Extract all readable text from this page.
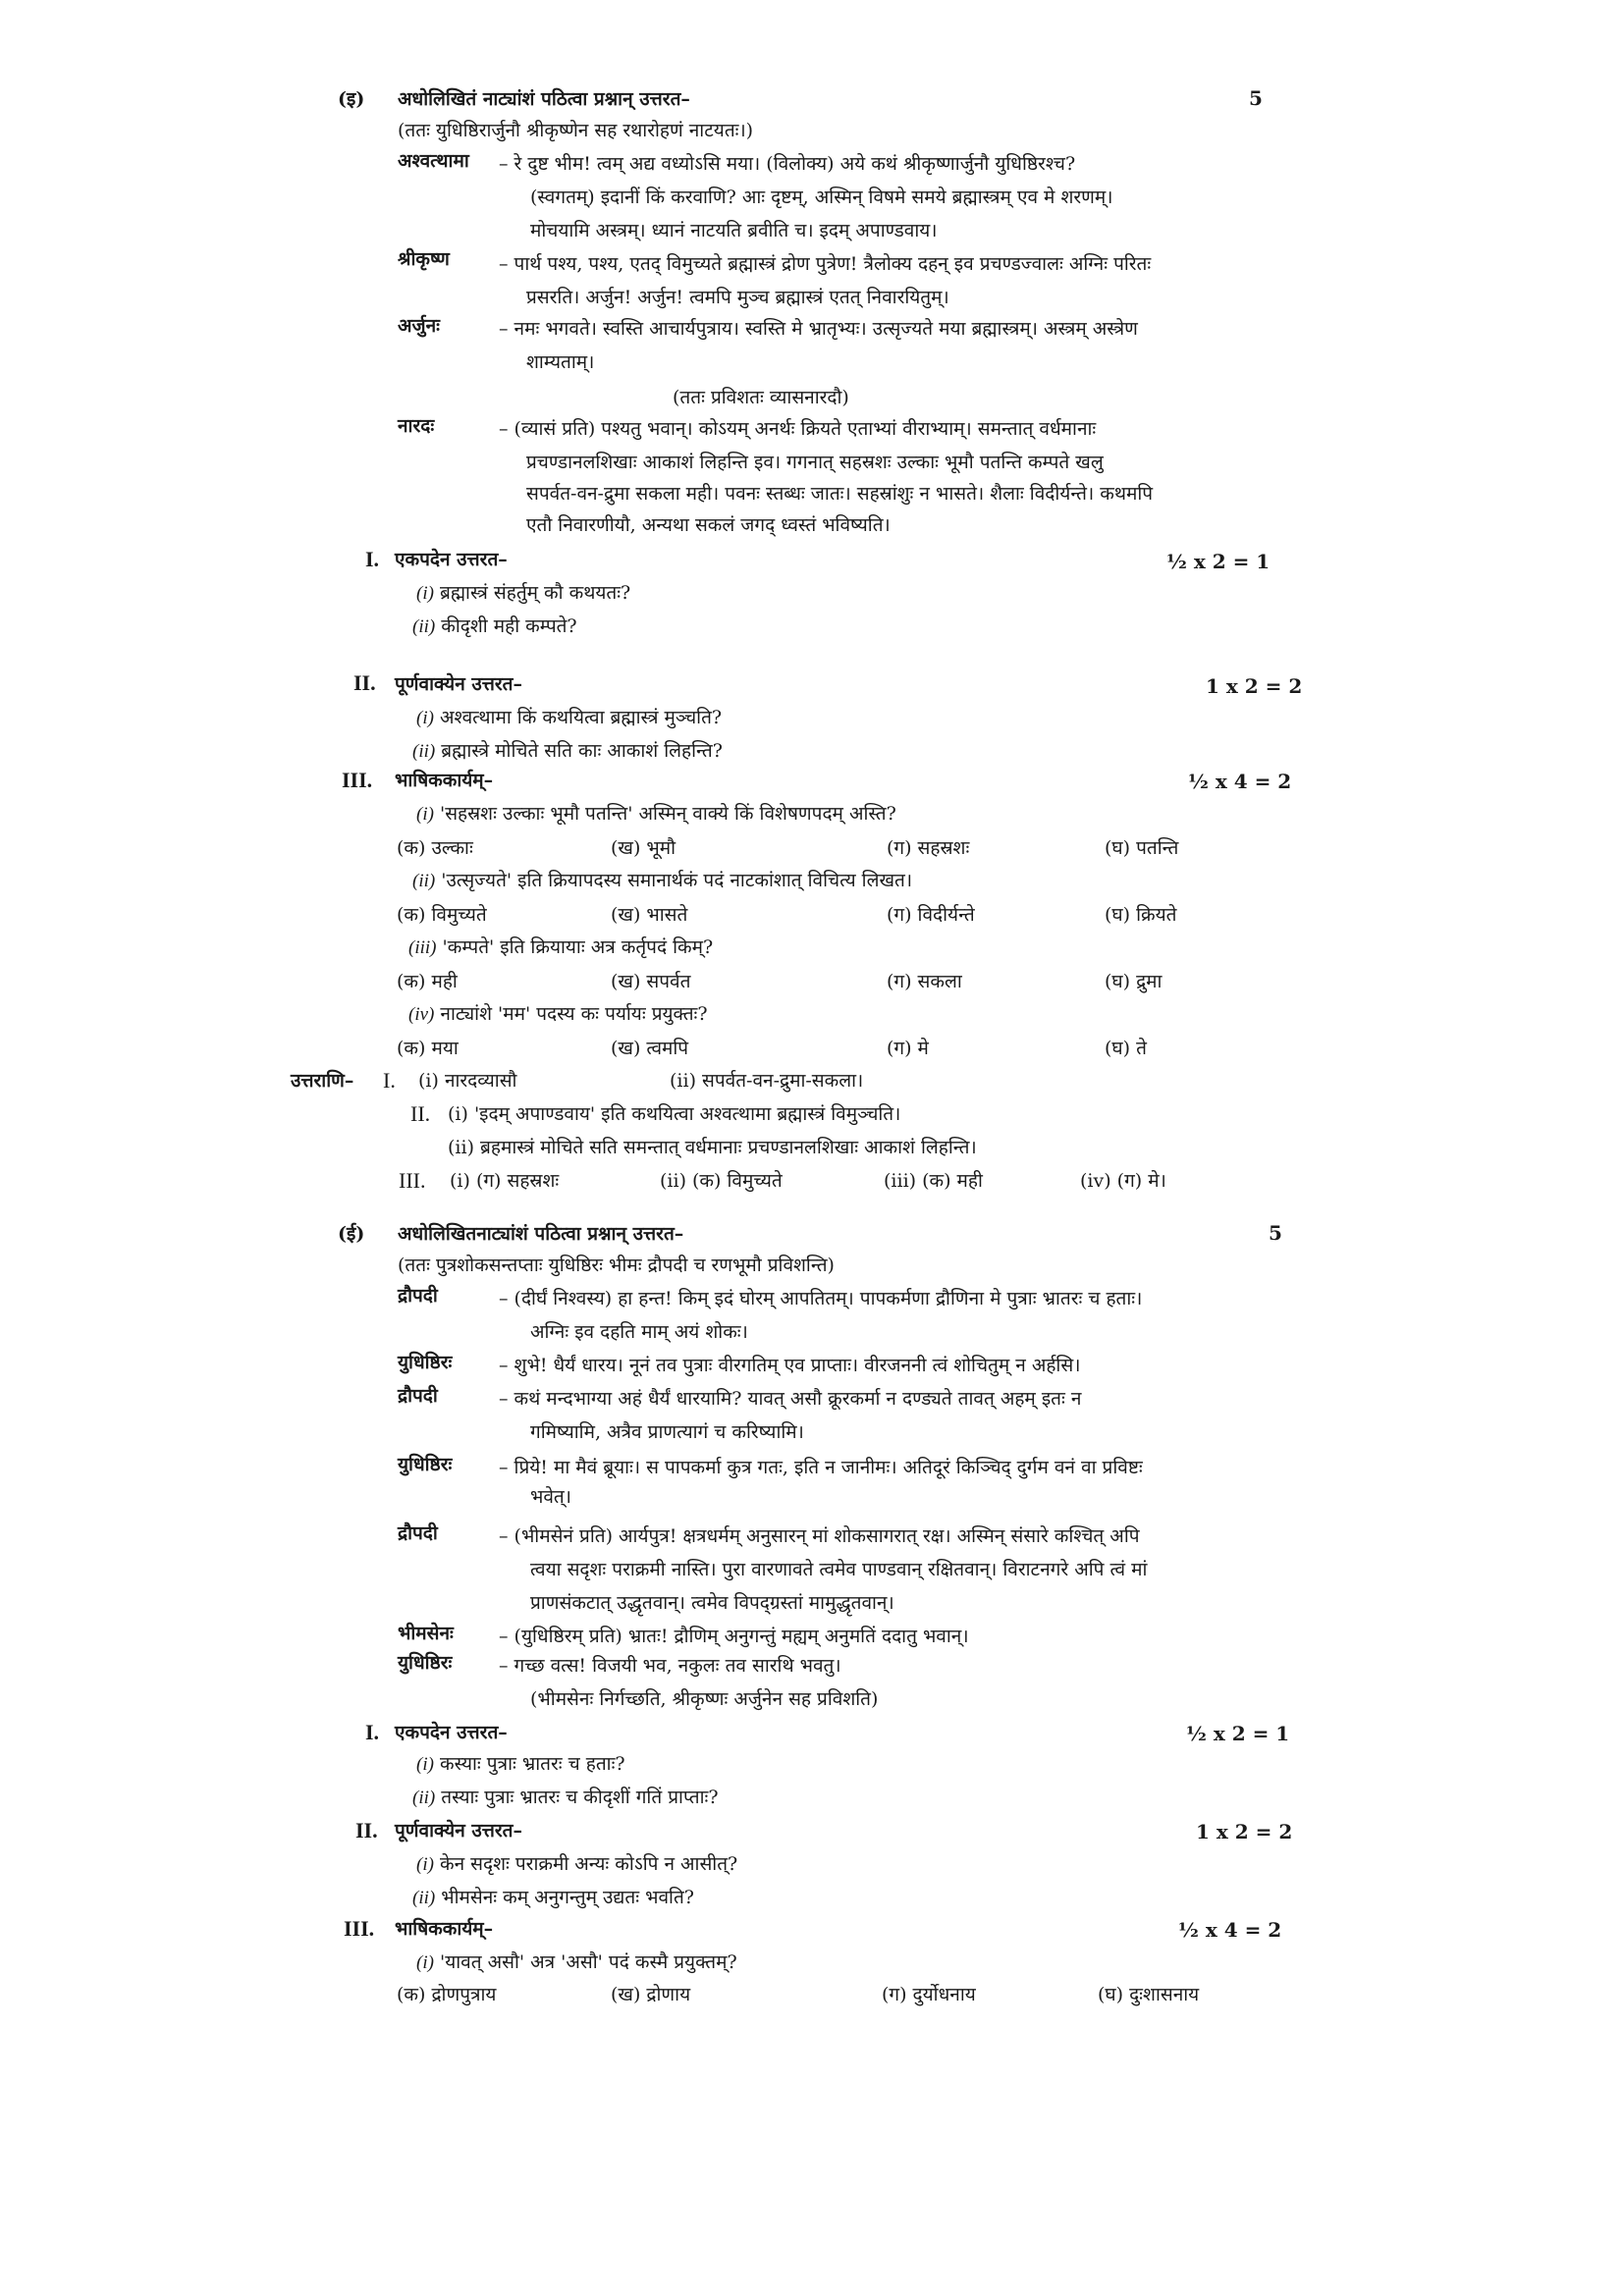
(इ) अधोलिखितं नाट्यांशं पठित्वा प्रश्नान् उत्तरत–	5
(ततः युधिष्ठिरार्जुनौ श्रीकृष्णेन सह रथारोहणं नाटयतः।)
अश्वत्थामा – रे दुष्ट भीम! त्वम् अद्य वध्योऽसि मया। (विलोक्य) अये कथं श्रीकृष्णार्जुनौ युधिष्ठिरश्च?
(स्वगतम्) इदानीं किं करवाणि? आः दृष्टम्, अस्मिन् विषमे समये ब्रह्मास्त्रम् एव मे शरणम्।
मोचयामि अस्त्रम्। ध्यानं नाटयति ब्रवीति च। इदम् अपाण्डवाय।
श्रीकृष्ण	– पार्थ पश्य, पश्य, एतद् विमुच्यते ब्रह्मास्त्रं द्रोण पुत्रेण! त्रैलोक्य दहन् इव प्रचण्डज्वालः अग्निः परितः
प्रसरति। अर्जुन! अर्जुन! त्वमपि मुञ्च ब्रह्मास्त्रं एतत् निवारयितुम्।
अर्जुनः	– नमः भगवते। स्वस्ति आचार्यपुत्राय। स्वस्ति मे भ्रातृभ्यः। उत्सृज्यते मया ब्रह्मास्त्रम्। अस्त्रम् अस्त्रेण
शाम्यताम्।
(ततः प्रविशतः व्यासनारदौ)
नारदः	– (व्यासं प्रति) पश्यतु भवान्। कोऽयम् अनर्थः क्रियते एताभ्यां वीराभ्याम्। समन्तात् वर्धमानाः
प्रचण्डानलशिखाः आकाशं लिहन्ति इव। गगनात् सहस्रशः उल्काः भूमौ पतन्ति कम्पते खलु
सपर्वत-वन-द्रुमा सकला मही। पवनः स्तब्धः जातः। सहस्रांशुः न भासते। शैलाः विदीर्यन्ते। कथमपि
एतौ निवारणीयौ, अन्यथा सकलं जगद् ध्वस्तं भविष्यति।
I. एकपदेन उत्तरत–	½ x 2 = 1
(i) ब्रह्मास्त्रं संहर्तुम् कौ कथयतः?
(ii) कीदृशी मही कम्पते?
II. पूर्णवाक्येन उत्तरत–	1 x 2 = 2
(i) अश्वत्थामा किं कथयित्वा ब्रह्मास्त्रं मुञ्चति?
(ii) ब्रह्मास्त्रे मोचिते सति काः आकाशं लिहन्ति?
III. भाषिककार्यम्–	½ x 4 = 2
(i) 'सहस्रशः उल्काः भूमौ पतन्ति' अस्मिन् वाक्ये किं विशेषणपदम् अस्ति?
(क) उल्काः	(ख) भूमौ	(ग) सहस्रशः	(घ) पतन्ति
(ii) 'उत्सृज्यते' इति क्रियापदस्य समानार्थकं पदं नाटकांशात् विचित्य लिखत।
(क) विमुच्यते	(ख) भासते	(ग) विदीर्यन्ते	(घ) क्रियते
(iii) 'कम्पते' इति क्रियायाः अत्र कर्तृपदं किम्?
(क) मही	(ख) सपर्वत	(ग) सकला	(घ) द्रुमा
(iv) नाट्यांशे 'मम' पदस्य कः पर्यायः प्रयुक्तः?
(क) मया	(ख) त्वमपि	(ग) मे	(घ) ते
उत्तराणि– I. (i) नारदव्यासौ	(ii) सपर्वत-वन-द्रुमा-सकला।
II. (i) 'इदम् अपाण्डवाय' इति कथयित्वा अश्वत्थामा ब्रह्मास्त्रं विमुञ्चति।
(ii) ब्रहमास्त्रं मोचिते सति समन्तात् वर्धमानाः प्रचण्डानलशिखाः आकाशं लिहन्ति।
III. (i) (ग) सहस्रशः	(ii) (क) विमुच्यते	(iii) (क) मही	(iv) (ग) मे।
(ई) अधोलिखितनाट्यांशं पठित्वा प्रश्नान् उत्तरत–	5
(ततः पुत्रशोकसन्तप्ताः युधिष्ठिरः भीमः द्रौपदी च रणभूमौ प्रविशन्ति)
द्रौपदी	– (दीर्घं निश्वस्य) हा हन्त! किम् इदं घोरम् आपतितम्। पापकर्मणा द्रौणिना मे पुत्राः भ्रातरः च हताः।
अग्निः इव दहति माम् अयं शोकः।
युधिष्ठिरः	– शुभे! धैर्यं धारय। नूनं तव पुत्राः वीरगतिम् एव प्राप्ताः। वीरजननी त्वं शोचितुम् न अर्हसि।
द्रौपदी	– कथं मन्दभाग्या अहं धैर्यं धारयामि? यावत् असौ क्रूरकर्मा न दण्ड्यते तावत् अहम् इतः न
गमिष्यामि, अत्रैव प्राणत्यागं च करिष्यामि।
युधिष्ठिरः	– प्रिये! मा मैवं ब्रूयाः। स पापकर्मा कुत्र गतः, इति न जानीमः। अतिदूरं किञ्चिद् दुर्गम वनं वा प्रविष्टः
भवेत्।
द्रौपदी	– (भीमसेनं प्रति) आर्यपुत्र! क्षत्रधर्मम् अनुसारन् मां शोकसागरात् रक्ष। अस्मिन् संसारे कश्चित् अपि
त्वया सदृशः पराक्रमी नास्ति। पुरा वारणावते त्वमेव पाण्डवान् रक्षितवान्। विराटनगरे अपि त्वं मां
प्राणसंकटात् उद्धृतवान्। त्वमेव विपद्ग्रस्तां मामुद्धृतवान्।
भीमसेनः – (युधिष्ठिरम् प्रति) भ्रातः! द्रौणिम् अनुगन्तुं मह्यम् अनुमतिं ददातु भवान्।
युधिष्ठिरः	– गच्छ वत्स! विजयी भव, नकुलः तव सारथि भवतु।
(भीमसेनः निर्गच्छति, श्रीकृष्णः अर्जुनेन सह प्रविशति)
I. एकपदेन उत्तरत–	½ x 2 = 1
(i) कस्याः पुत्राः भ्रातरः च हताः?
(ii) तस्याः पुत्राः भ्रातरः च कीदृशीं गतिं प्राप्ताः?
II. पूर्णवाक्येन उत्तरत–	1 x 2 = 2
(i) केन सदृशः पराक्रमी अन्यः कोऽपि न आसीत्?
(ii) भीमसेनः कम् अनुगन्तुम् उद्यतः भवति?
III. भाषिककार्यम्–	½ x 4 = 2
(i) 'यावत् असौ' अत्र 'असौ' पदं कस्मै प्रयुक्तम्?
(क) द्रोणपुत्राय	(ख) द्रोणाय	(ग) दुर्योधनाय	(घ) दुःशासनाय
